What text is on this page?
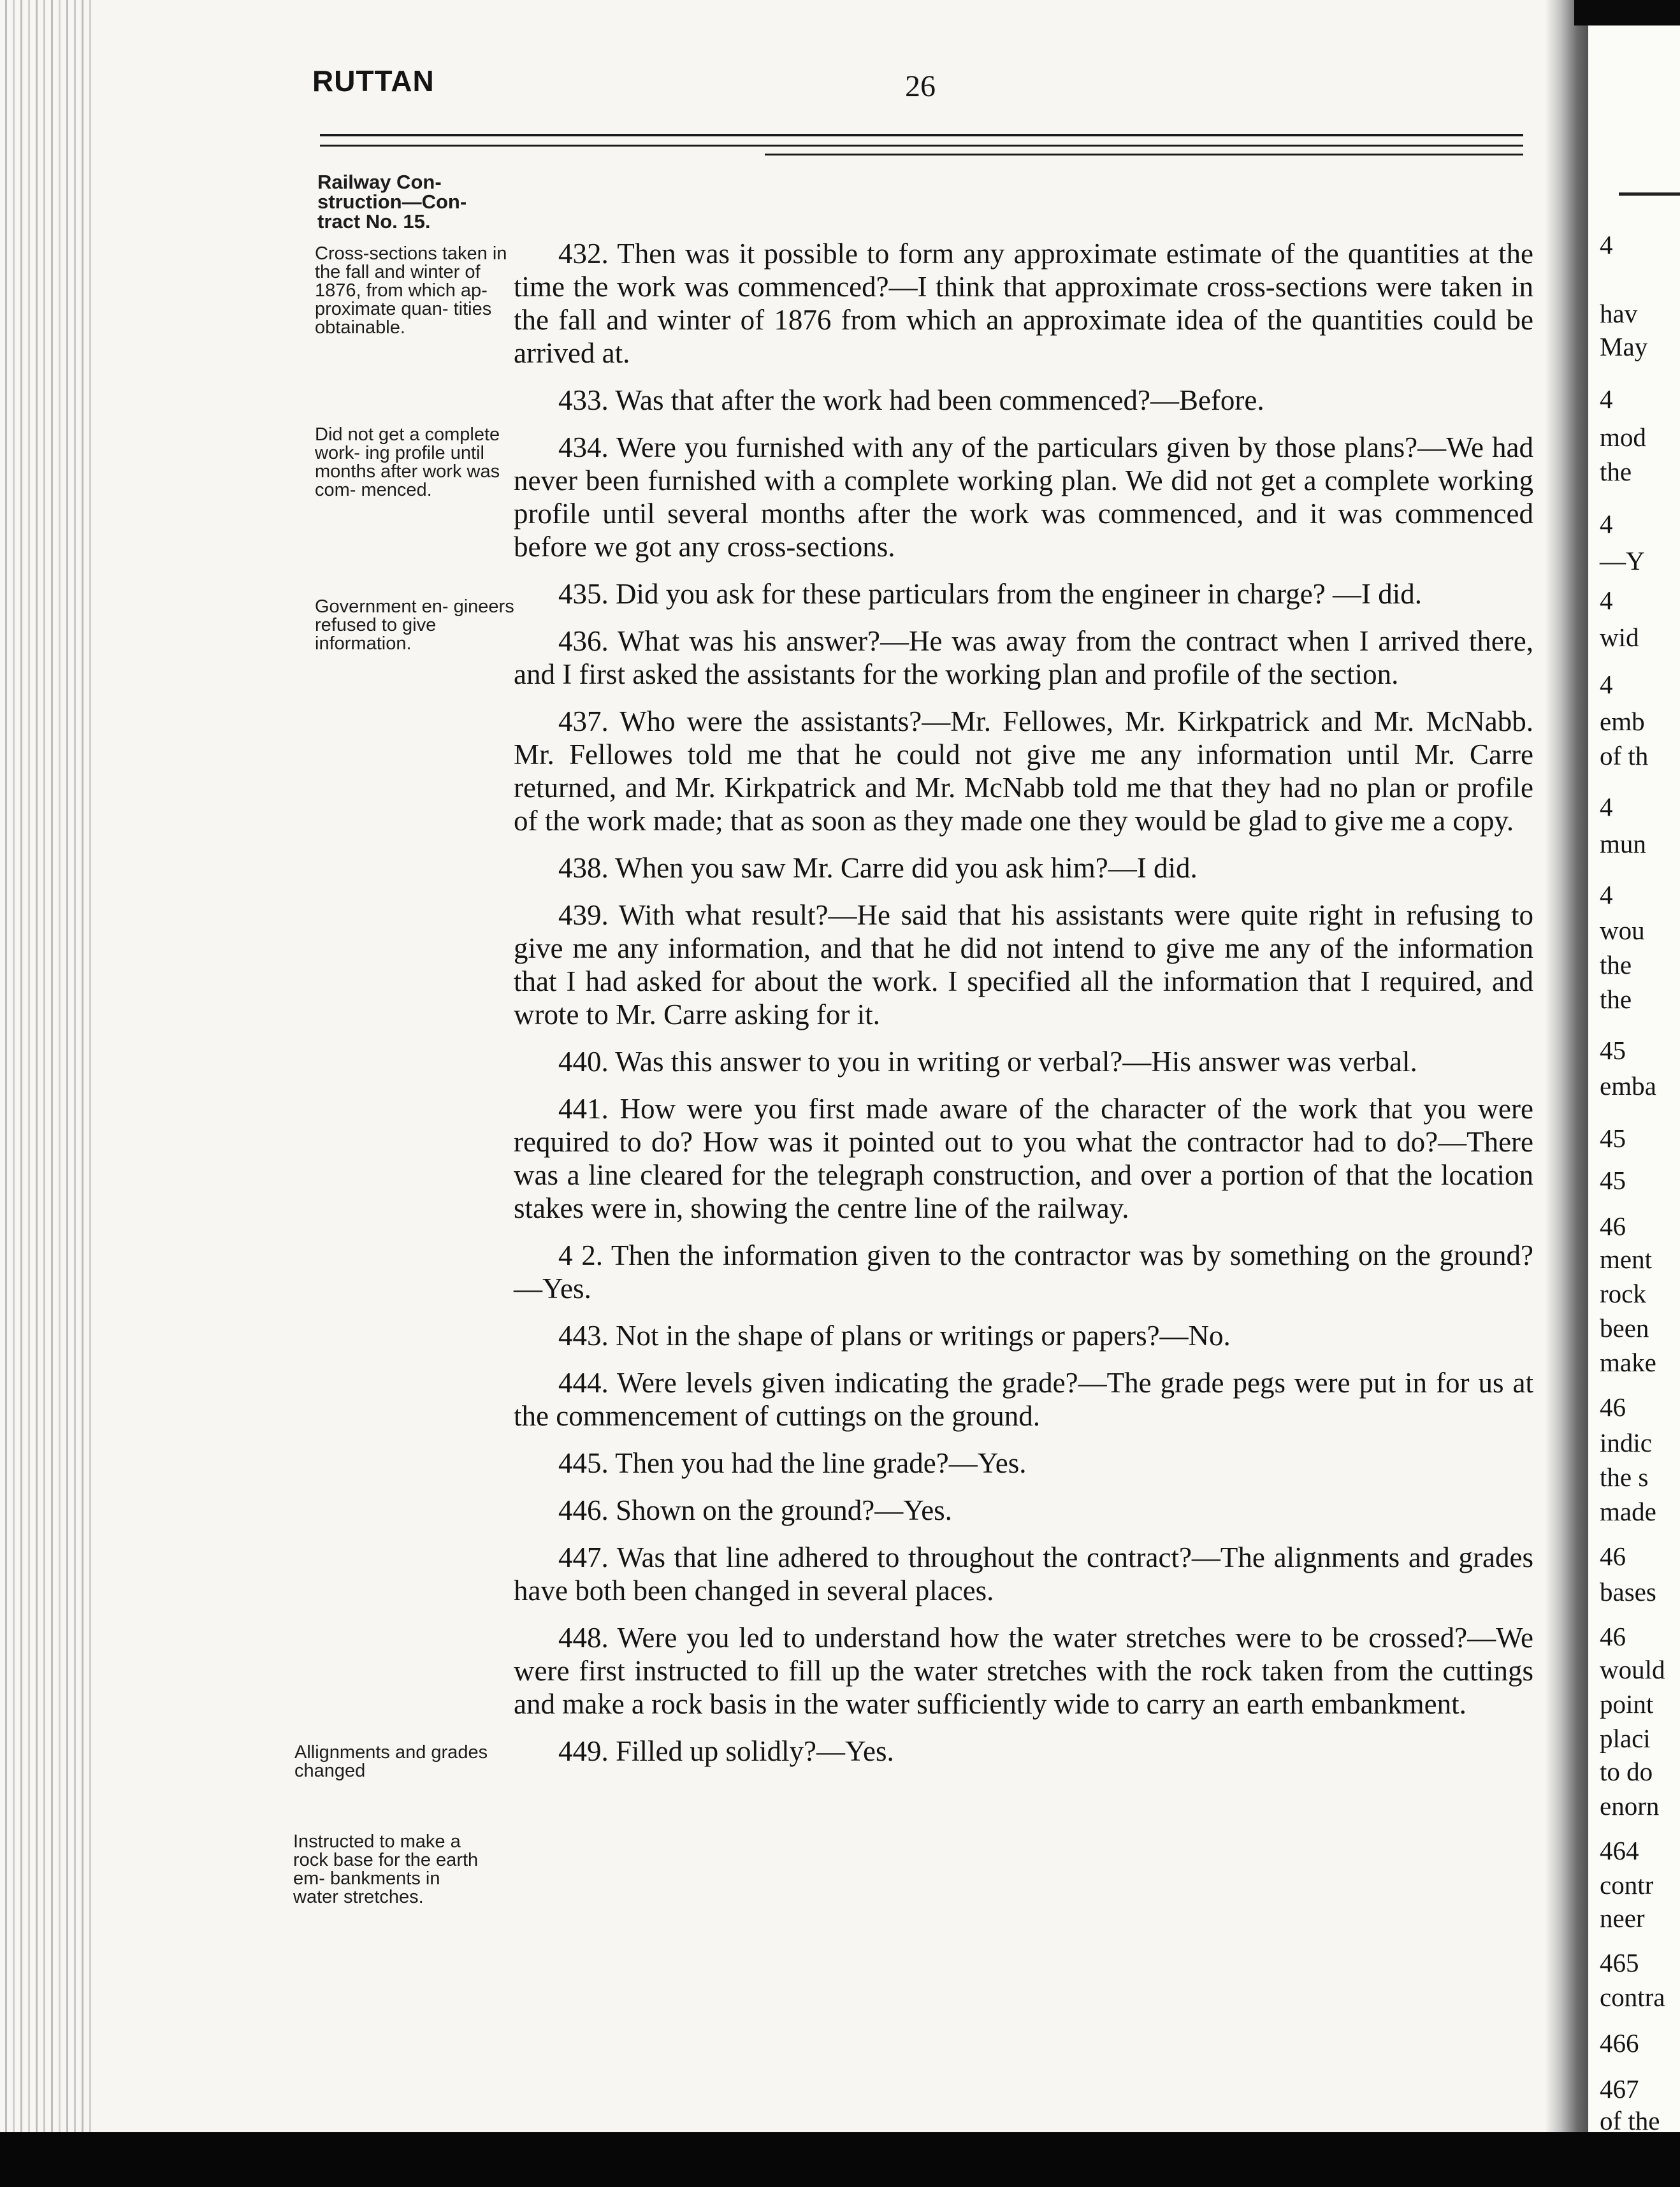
4
hav
May
4
mod
the
4
—Y
4
wid
4
emb
of th
4
mun
4
wou
the
the
45
emba
45
45
46
ment
rock
been
make
46
indic
the s
made
46
bases
46
would
point
placi
to do
enorn
464
contr
neer
465
contra
466
467
of the
RUTTAN	26
Railway Con- struction—Con- tract No. 15.
Cross-sections taken in the fall and winter of 1876, from which ap- proximate quan- tities obtainable.
Did not get a complete work- ing profile until months after work was com- menced.
Government en- gineers refused to give information.
Allignments and grades changed
Instructed to make a rock base for the earth em- bankments in water stretches.

432. Then was it possible to form any approximate estimate of the quantities at the time the work was commenced?—I think that approximate cross-sections were taken in the fall and winter of 1876 from which an approximate idea of the quantities could be arrived at.

433. Was that after the work had been commenced?—Before.

434. Were you furnished with any of the particulars given by those plans?—We had never been furnished with a complete working plan. We did not get a complete working profile until several months after the work was commenced, and it was commenced before we got any cross-sections.

435. Did you ask for these particulars from the engineer in charge? —I did.

436. What was his answer?—He was away from the contract when I arrived there, and I first asked the assistants for the working plan and profile of the section.

437. Who were the assistants?—Mr. Fellowes, Mr. Kirkpatrick and Mr. McNabb. Mr. Fellowes told me that he could not give me any information until Mr. Carre returned, and Mr. Kirkpatrick and Mr. McNabb told me that they had no plan or profile of the work made; that as soon as they made one they would be glad to give me a copy.

438. When you saw Mr. Carre did you ask him?—I did.

439. With what result?—He said that his assistants were quite right in refusing to give me any information, and that he did not intend to give me any of the information that I had asked for about the work. I specified all the information that I required, and wrote to Mr. Carre asking for it.

440. Was this answer to you in writing or verbal?—His answer was verbal.

441. How were you first made aware of the character of the work that you were required to do? How was it pointed out to you what the contractor had to do?—There was a line cleared for the telegraph construction, and over a portion of that the location stakes were in, showing the centre line of the railway.

4 2. Then the information given to the contractor was by something on the ground?—Yes.

443. Not in the shape of plans or writings or papers?—No.

444. Were levels given indicating the grade?—The grade pegs were put in for us at the commencement of cuttings on the ground.

445. Then you had the line grade?—Yes.

446. Shown on the ground?—Yes.

447. Was that line adhered to throughout the contract?—The alignments and grades have both been changed in several places.

448. Were you led to understand how the water stretches were to be crossed?—We were first instructed to fill up the water stretches with the rock taken from the cuttings and make a rock basis in the water sufficiently wide to carry an earth embankment.

449. Filled up solidly?—Yes.
